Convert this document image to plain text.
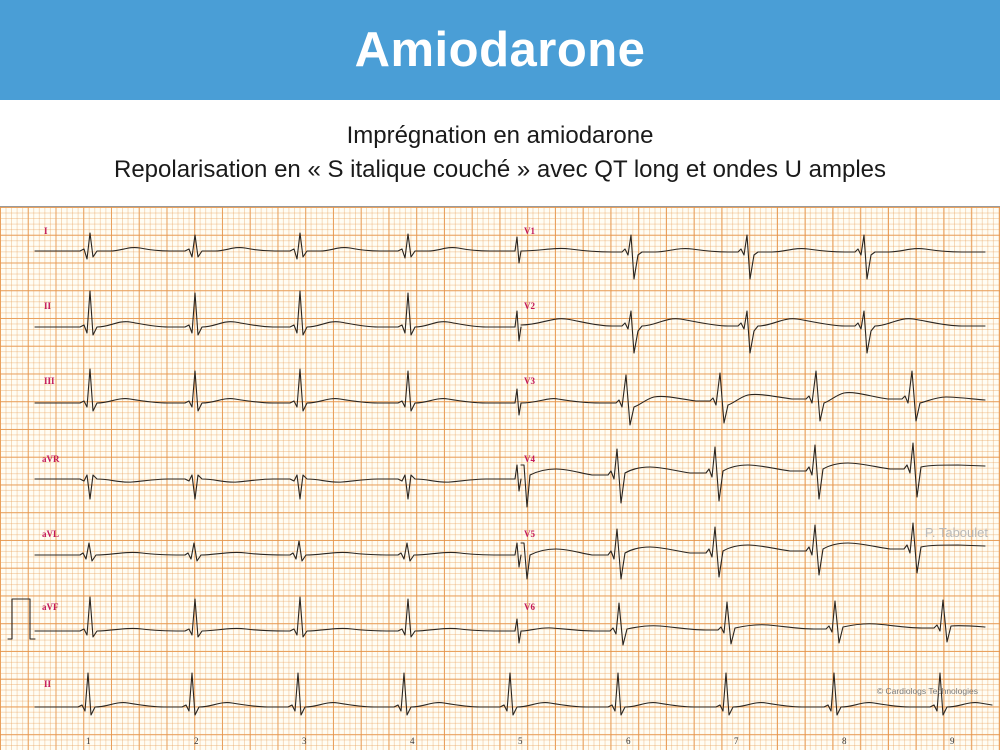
Amiodarone
Imprégnation en amiodarone
Repolarisation en « S italique couché » avec QT long et ondes U amples
I
II
III
aVR
aVL
aVF
II
V1
V2
V3
V4
V5
V6
1	2	3	4	5	6	7	8	9
P. Taboulet
© Cardiologs Technologies
